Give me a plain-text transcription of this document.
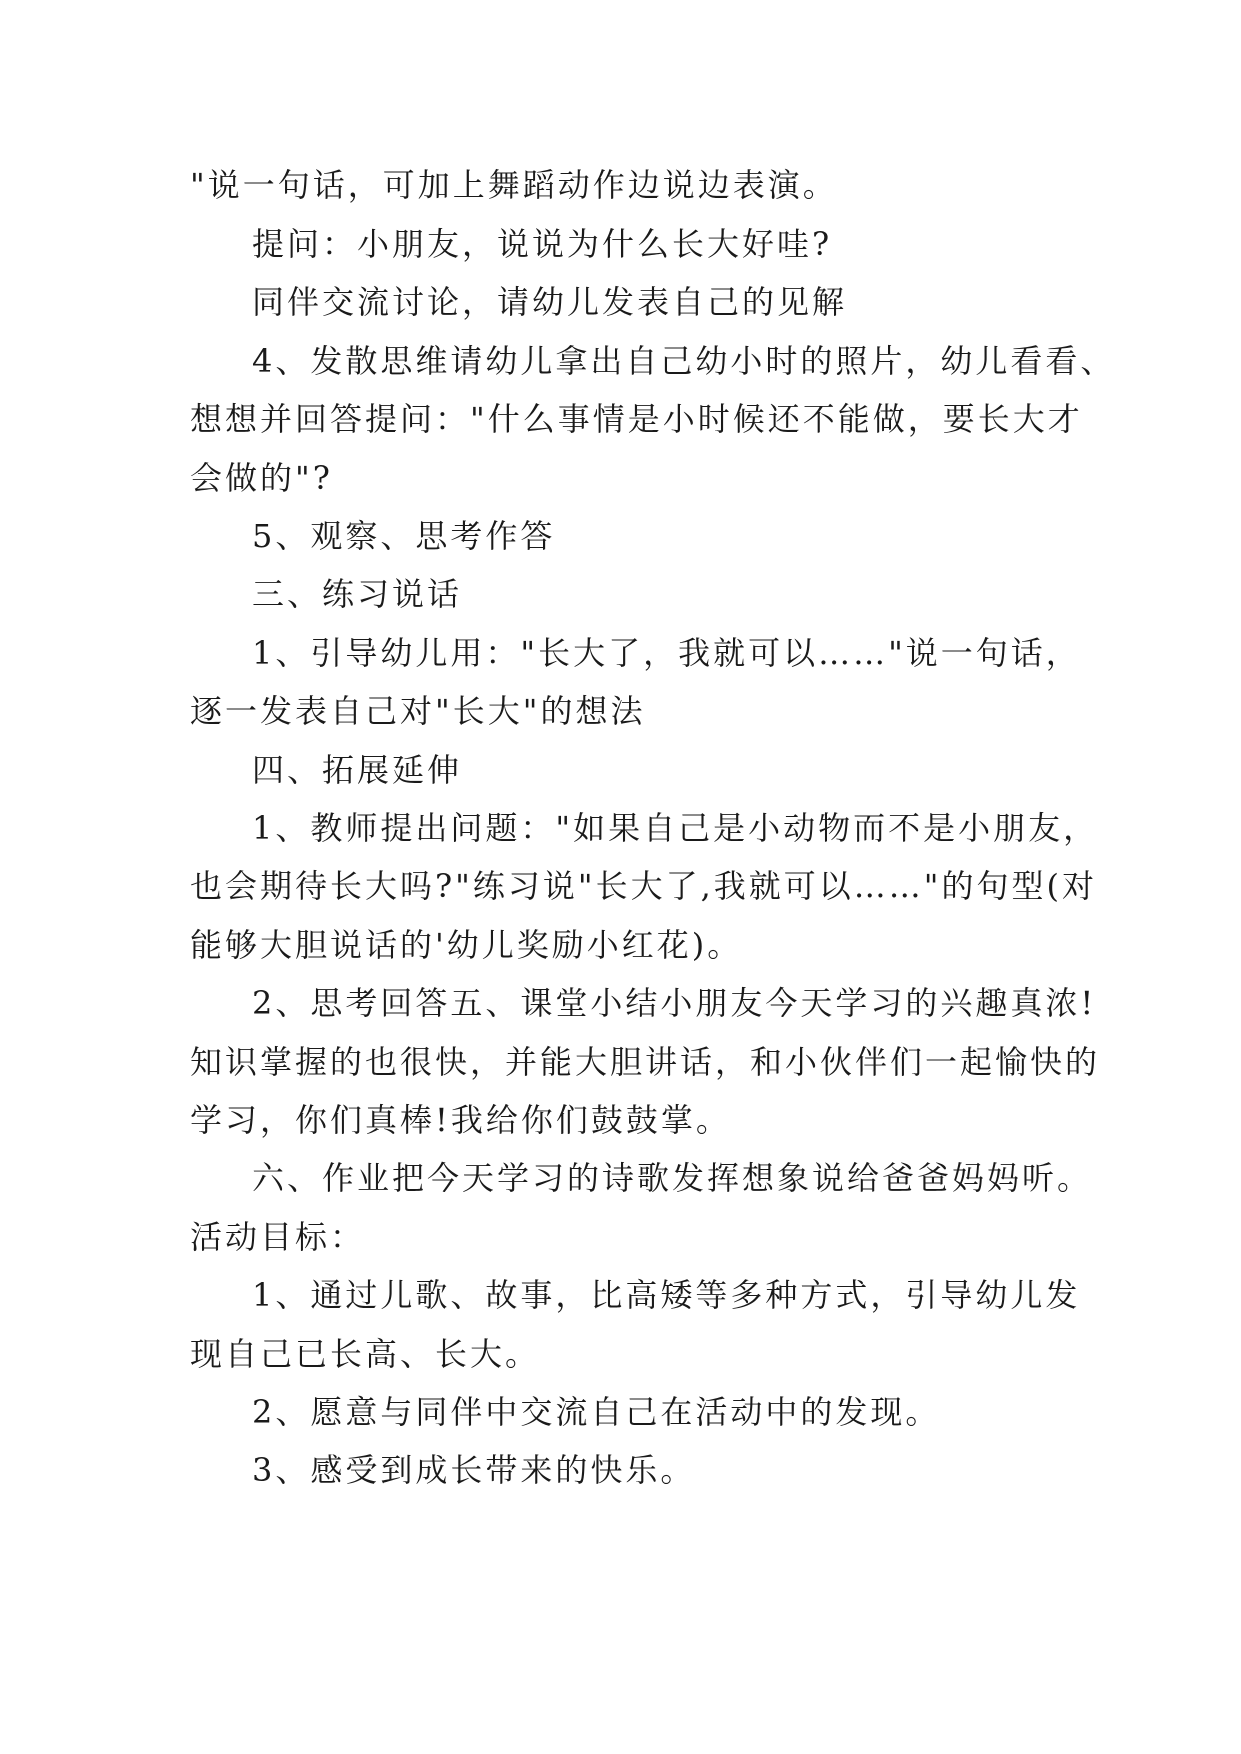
"说一句话，可加上舞蹈动作边说边表演。
提问：小朋友，说说为什么长大好哇?
同伴交流讨论，请幼儿发表自己的见解
4、发散思维请幼儿拿出自己幼小时的照片，幼儿看看、
想想并回答提问："什么事情是小时候还不能做，要长大才
会做的"?
5、观察、思考作答
三、练习说话
1、引导幼儿用："长大了，我就可以……"说一句话，
逐一发表自己对"长大"的想法
四、拓展延伸
1、教师提出问题："如果自己是小动物而不是小朋友，
也会期待长大吗?"练习说"长大了,我就可以……"的句型(对
能够大胆说话的'幼儿奖励小红花)。
2、思考回答五、课堂小结小朋友今天学习的兴趣真浓!
知识掌握的也很快，并能大胆讲话，和小伙伴们一起愉快的
学习，你们真棒!我给你们鼓鼓掌。
六、作业把今天学习的诗歌发挥想象说给爸爸妈妈听。
活动目标：
1、通过儿歌、故事，比高矮等多种方式，引导幼儿发
现自己已长高、长大。
2、愿意与同伴中交流自己在活动中的发现。
3、感受到成长带来的快乐。
